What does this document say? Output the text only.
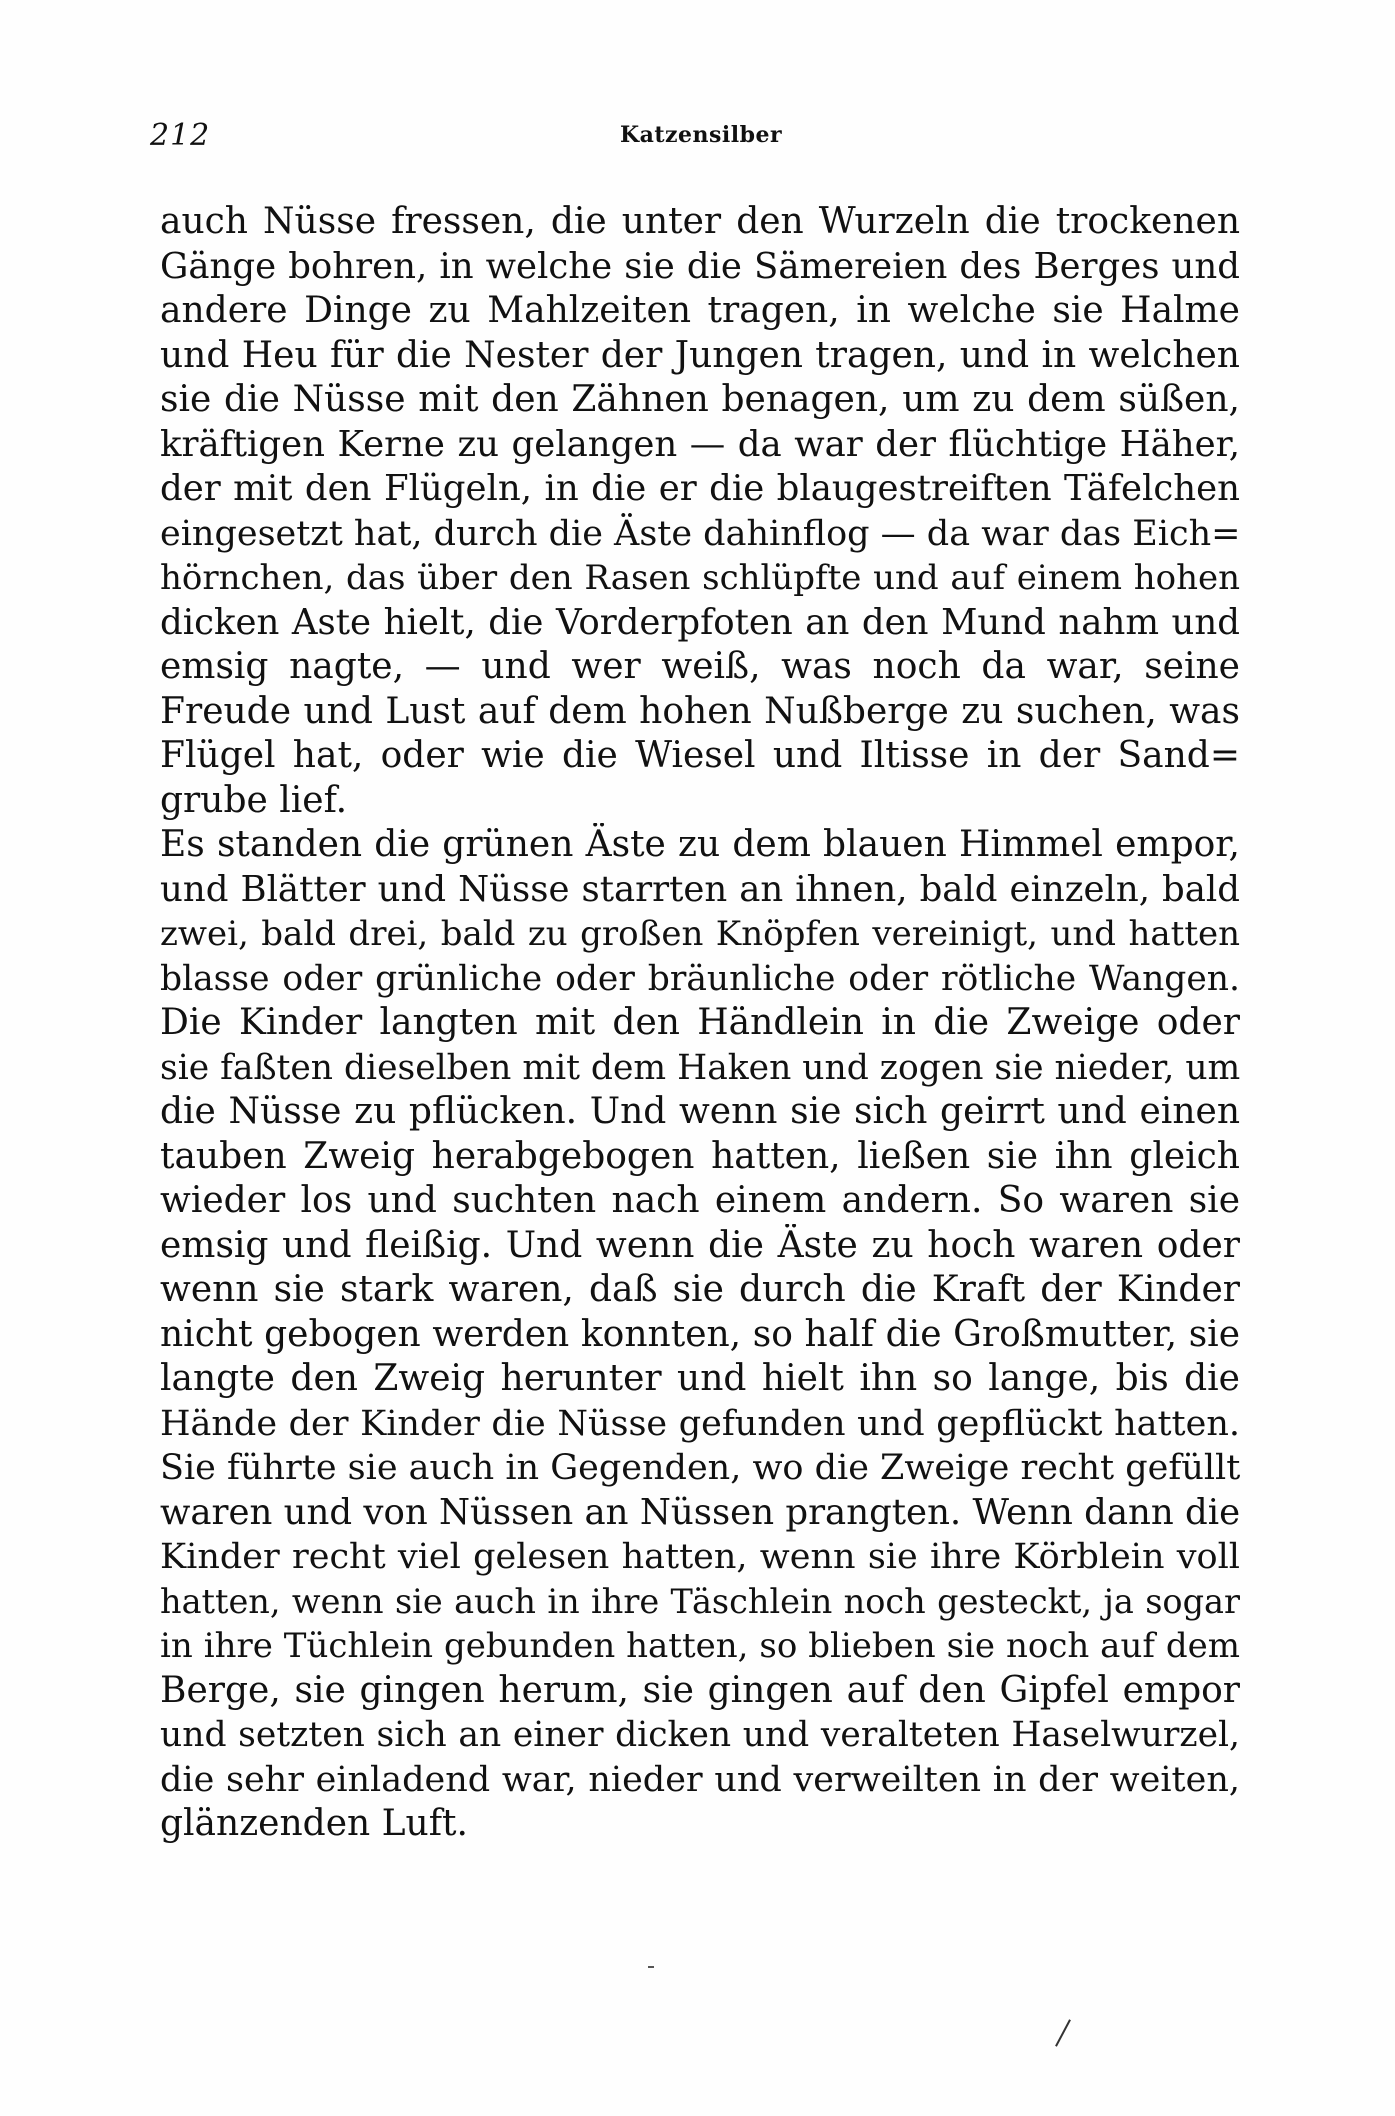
212	Katzensilber
auch Nüsse fressen, die unter den Wurzeln die trockenen
Gänge bohren, in welche sie die Sämereien des Berges und
andere Dinge zu Mahlzeiten tragen, in welche sie Halme
und Heu für die Nester der Jungen tragen, und in welchen
sie die Nüsse mit den Zähnen benagen, um zu dem süßen,
kräftigen Kerne zu gelangen — da war der flüchtige Häher,
der mit den Flügeln, in die er die blaugestreiften Täfelchen
eingesetzt hat, durch die Äste dahinflog — da war das Eich=
hörnchen, das über den Rasen schlüpfte und auf einem hohen
dicken Aste hielt, die Vorderpfoten an den Mund nahm und
emsig nagte, — und wer weiß, was noch da war, seine
Freude und Lust auf dem hohen Nußberge zu suchen, was
Flügel hat, oder wie die Wiesel und Iltisse in der Sand=
grube lief.
Es standen die grünen Äste zu dem blauen Himmel empor,
und Blätter und Nüsse starrten an ihnen, bald einzeln, bald
zwei, bald drei, bald zu großen Knöpfen vereinigt, und hatten
blasse oder grünliche oder bräunliche oder rötliche Wangen.
Die Kinder langten mit den Händlein in die Zweige oder
sie faßten dieselben mit dem Haken und zogen sie nieder, um
die Nüsse zu pflücken. Und wenn sie sich geirrt und einen
tauben Zweig herabgebogen hatten, ließen sie ihn gleich
wieder los und suchten nach einem andern. So waren sie
emsig und fleißig. Und wenn die Äste zu hoch waren oder
wenn sie stark waren, daß sie durch die Kraft der Kinder
nicht gebogen werden konnten, so half die Großmutter, sie
langte den Zweig herunter und hielt ihn so lange, bis die
Hände der Kinder die Nüsse gefunden und gepflückt hatten.
Sie führte sie auch in Gegenden, wo die Zweige recht gefüllt
waren und von Nüssen an Nüssen prangten. Wenn dann die
Kinder recht viel gelesen hatten, wenn sie ihre Körblein voll
hatten, wenn sie auch in ihre Täschlein noch gesteckt, ja sogar
in ihre Tüchlein gebunden hatten, so blieben sie noch auf dem
Berge, sie gingen herum, sie gingen auf den Gipfel empor
und setzten sich an einer dicken und veralteten Haselwurzel,
die sehr einladend war, nieder und verweilten in der weiten,
glänzenden Luft.
